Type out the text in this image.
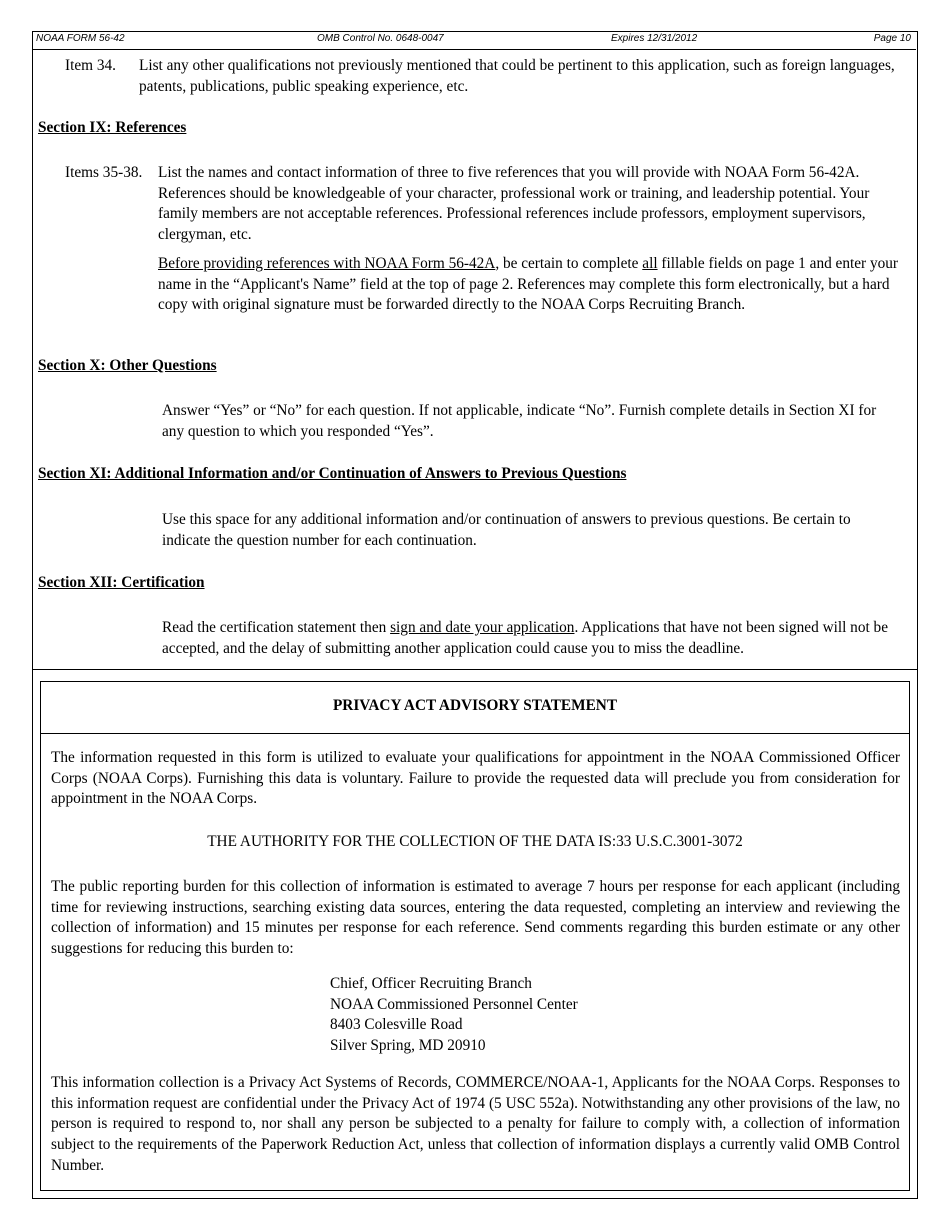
NOAA FORM 56-42	OMB Control No. 0648-0047	Expires 12/31/2012	Page 10
Item 34. List any other qualifications not previously mentioned that could be pertinent to this application, such as foreign languages, patents, publications, public speaking experience, etc.
Section IX: References
Items 35-38. List the names and contact information of three to five references that you will provide with NOAA Form 56-42A. References should be knowledgeable of your character, professional work or training, and leadership potential. Your family members are not acceptable references. Professional references include professors, employment supervisors, clergyman, etc.
Before providing references with NOAA Form 56-42A, be certain to complete all fillable fields on page 1 and enter your name in the “Applicant's Name” field at the top of page 2. References may complete this form electronically, but a hard copy with original signature must be forwarded directly to the NOAA Corps Recruiting Branch.
Section X: Other Questions
Answer “Yes” or “No” for each question. If not applicable, indicate “No”. Furnish complete details in Section XI for any question to which you responded “Yes”.
Section XI: Additional Information and/or Continuation of Answers to Previous Questions
Use this space for any additional information and/or continuation of answers to previous questions. Be certain to indicate the question number for each continuation.
Section XII: Certification
Read the certification statement then sign and date your application. Applications that have not been signed will not be accepted, and the delay of submitting another application could cause you to miss the deadline.
PRIVACY ACT ADVISORY STATEMENT
The information requested in this form is utilized to evaluate your qualifications for appointment in the NOAA Commissioned Officer Corps (NOAA Corps). Furnishing this data is voluntary. Failure to provide the requested data will preclude you from consideration for appointment in the NOAA Corps.
THE AUTHORITY FOR THE COLLECTION OF THE DATA IS:33 U.S.C.3001-3072
The public reporting burden for this collection of information is estimated to average 7 hours per response for each applicant (including time for reviewing instructions, searching existing data sources, entering the data requested, completing an interview and reviewing the collection of information) and 15 minutes per response for each reference. Send comments regarding this burden estimate or any other suggestions for reducing this burden to:
Chief, Officer Recruiting Branch
NOAA Commissioned Personnel Center
8403 Colesville Road
Silver Spring, MD 20910
This information collection is a Privacy Act Systems of Records, COMMERCE/NOAA-1, Applicants for the NOAA Corps. Responses to this information request are confidential under the Privacy Act of 1974 (5 USC 552a). Notwithstanding any other provisions of the law, no person is required to respond to, nor shall any person be subjected to a penalty for failure to comply with, a collection of information subject to the requirements of the Paperwork Reduction Act, unless that collection of information displays a currently valid OMB Control Number.
